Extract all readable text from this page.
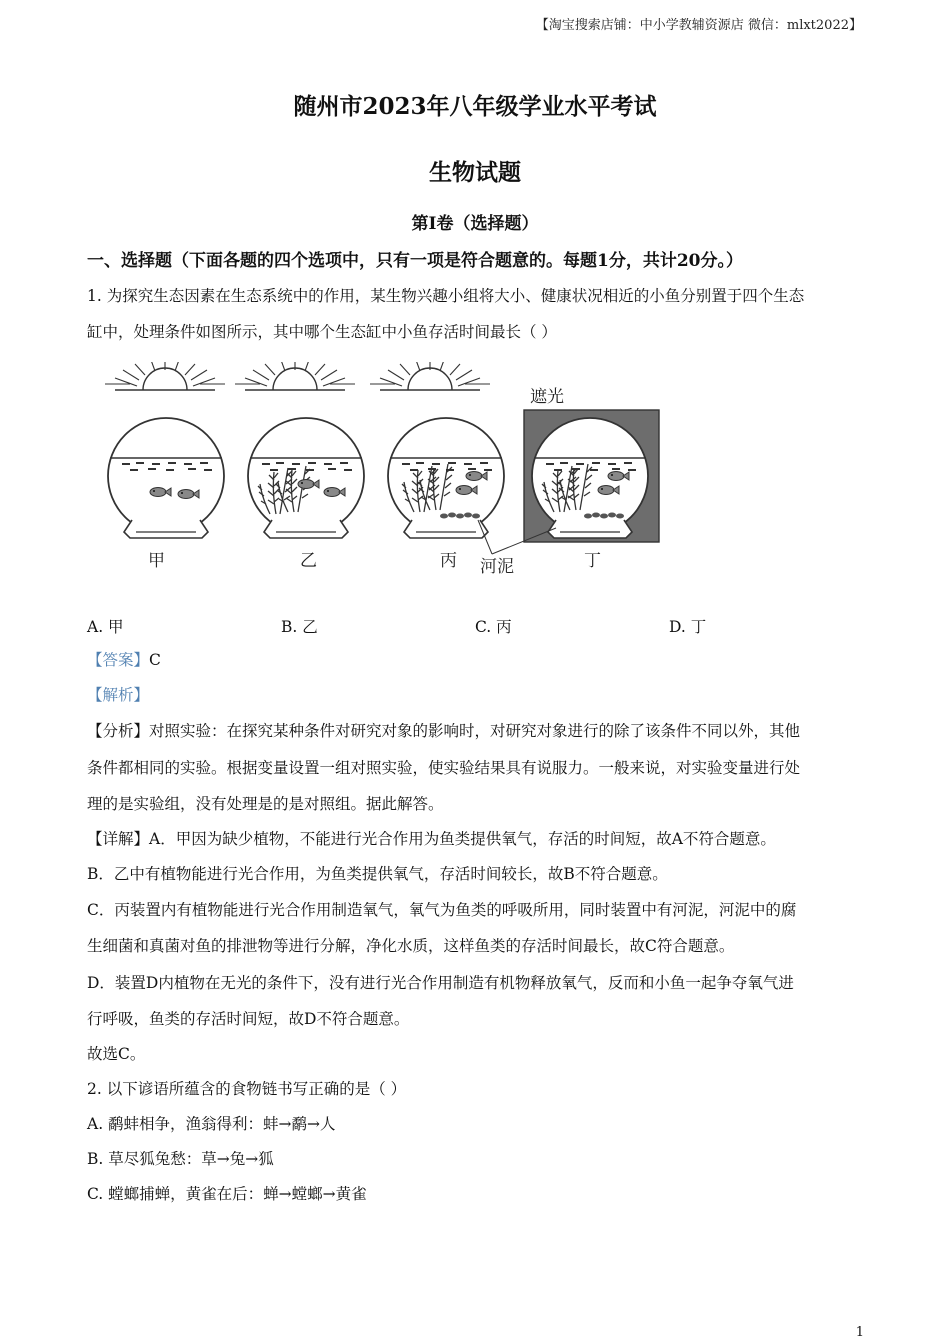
【淘宝搜索店铺：中小学教辅资源店 微信：mlxt2022】
随州市2023年八年级学业水平考试
生物试题
第I卷（选择题）
一、选择题（下面各题的四个选项中，只有一项是符合题意的。每题1分，共计20分。）
1. 为探究生态因素在生态系统中的作用，某生物兴趣小组将大小、健康状况相近的小鱼分别置于四个生态
缸中，处理条件如图所示，其中哪个生态缸中小鱼存活时间最长（ ）
甲	乙	丙	丁
遮光
河泥
A. 甲	B. 乙	C. 丙	D. 丁
【答案】C
【解析】
【分析】对照实验：在探究某种条件对研究对象的影响时，对研究对象进行的除了该条件不同以外，其他
条件都相同的实验。根据变量设置一组对照实验，使实验结果具有说服力。一般来说，对实验变量进行处
理的是实验组，没有处理是的是对照组。据此解答。
【详解】A．甲因为缺少植物，不能进行光合作用为鱼类提供氧气，存活的时间短，故A不符合题意。
B．乙中有植物能进行光合作用，为鱼类提供氧气，存活时间较长，故B不符合题意。
C．丙装置内有植物能进行光合作用制造氧气，氧气为鱼类的呼吸所用，同时装置中有河泥，河泥中的腐
生细菌和真菌对鱼的排泄物等进行分解，净化水质，这样鱼类的存活时间最长，故C符合题意。
D．装置D内植物在无光的条件下，没有进行光合作用制造有机物释放氧气，反而和小鱼一起争夺氧气进
行呼吸，鱼类的存活时间短，故D不符合题意。
故选C。
2. 以下谚语所蕴含的食物链书写正确的是（ ）
A. 鹬蚌相争，渔翁得利：蚌→鹬→人
B. 草尽狐兔愁：草→兔→狐
C. 螳螂捕蝉，黄雀在后：蝉→螳螂→黄雀
1
